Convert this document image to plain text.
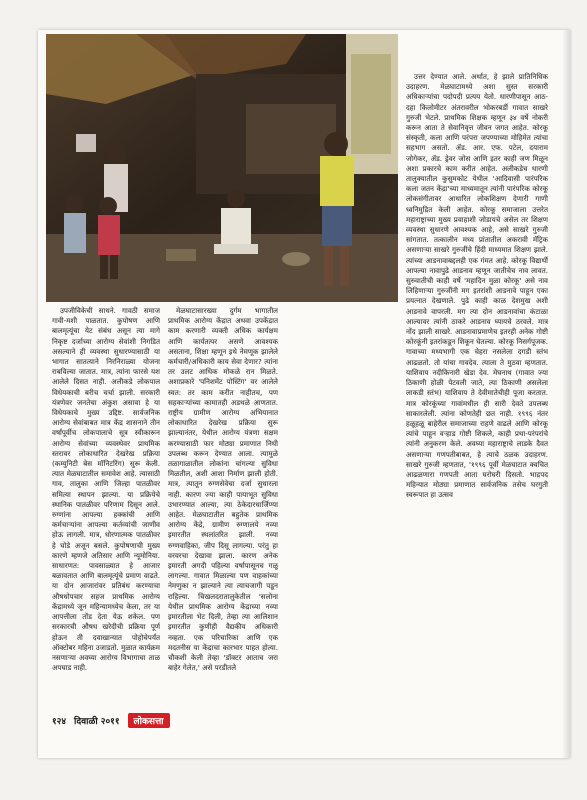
उपजीविकेची साधने. गावठी समाज गावी-मशी पाळतात. कुपोषण आणि बालमृत्यूंचा येट संबंध असून त्या मागे निकृष्ट दर्जाच्या आरोग्य सेवांशी निगडित असल्याने ही व्यवस्था सुधारण्यासाठी या भागात सातत्याने निरनिराळ्या योजना राबविल्या जातात. मात्र, त्यांना फारसे यश आलेले दिसत नाही. अलीकडे लोकपाल विधेयकाची बरीच चर्चा झाली. सरकारी यंत्रणेवर जनतेचा अंकुश असावा हे या विधेयकाचे मुख्य उद्दिष्ट. सार्वजनिक आरोग्य सेवांबाबत मात्र केंद्र शासनाने तीन वर्षांपूर्वीच लोकपालाचे सूत्र स्वीकारून आरोग्य सेवांच्या व्यवस्थेवर प्राथमिक स्तरावर लोकाधारित देखरेख प्रक्रिया (कम्युनिटी बेस मॉनिटरिंग) सुरू केली. त्यात मेळघाटातील समावेश आहे. त्यासाठी गाव, तालुका आणि जिल्हा पातळीवर समित्या स्थापन झाल्या. या प्रक्रियेचे स्थानिक पातळीवर परिणाम दिसून आले. रुग्णांना आपल्या हक्कांची आणि कर्मचाऱ्यांना आपल्या कर्तव्यांची जाणीव होऊ लागली. मात्र, धोरणात्मक पातळीवर हे घोडे अजून बसले. कुपोषणाची मुख्य कारणे म्हणजे अतिसार आणि न्यूमोनिया. साधारणत: पावसाळ्यात हे आजार बळावतात आणि बालमृत्यूंचे प्रमाण वाढते. या दोन आजारांवर प्रतिबंध करण्याचा औषधोपचार सहज प्राथमिक आरोग्य केंद्रामध्ये जून महिन्यामध्येच केला, तर या आपत्तीला तोंड देता येऊ शकेल. पण सरकारची औषध खरेदीची प्रक्रिया पूर्ण होऊन ती दवाखान्यात पोहोचेपर्यंत ऑक्टोबर महिना उजाडतो. मुळात कार्यक्रम नसणाऱ्या अवघ्या आरोग्य विभागाचा ताळ अपघाड नाही.

मेळघाटासारख्या दुर्गम भागातील प्राथमिक आरोग्य केंद्रात अथवा उपकेंद्रात काम करणारी व्यक्ती अधिक कार्यक्षम आणि कार्यतत्पर असणे आवश्यक असताना, शिक्षा म्हणून इथे नेमणूक झालेले कर्मचारी/अधिकारी काय सेवा देणार? त्यांना तर उलट आधिक मोकळे रान मिळते. अशाप्रकारे 'पनिशमेंट पोस्टिंग' वर आलेले स्वत: तर काम करीत नाहीतच, पण सहकाऱ्यांच्या कामातही अडथळे आणतात. राष्ट्रीय ग्रामीण आरोग्य अभियानात लोकाधारित देखरेख प्रक्रिया सुरू झाल्यानंतर, येथील आरोग्य यंत्रणा सक्षम करण्यासाठी फार मोठ्या प्रमाणात निधी उपलब्ध करून देण्यात आला. त्यामुळे तळागाळातील लोकांना चांगल्या सुविधा मिळतील, अशी आशा निर्माण झाली होती. मात्र, त्यातून रुग्णसेवेचा दर्जा सुधारला नाही. कारण ज्या काही पायाभूत सुविधा उभारण्यात आल्या, त्या ठेकेदारधार्जिण्या आहेत. मेळघाटातील बहुतेक प्राथमिक आरोग्य केंद्रे, ग्रामीण रुग्णालये नव्या इमारतीत स्थलांतरित झाली. नव्या रुग्णवाहिका, जीप दिसू लागल्या. परंतु हा वरवरचा देखावा झाला. कारण अनेक इमारती अगदी पहिल्या वर्षापासूनच गळू लागल्या. गावात मिळाल्या पण वाहकांच्या नेमणुका न झाल्याने त्या त्याचजागी पडून राहिल्या. चिखलदरातालुकेतील 'सलोना येथील प्राथमिक आरोग्य केंद्राच्या नव्या इमारतीला भेट दिली, तेव्हा त्या आलिशान इमारतीत कुणीही वैद्यकीय अधिकारी नव्हता. एक परिचारिका आणि एक मदतनीस या केंद्राचा कारभार पाहत होत्या. चौकशी केली तेव्हा 'डॉक्टर आताच जरा बाहेर गेलेत,' असे परडीतले

उत्तर देण्यात आले. अर्थात, हे झाले प्रातिनिधिक उदाहरण. मेळघाटामध्ये अशा सुस्त सरकारी अधिकार्‍यांचा पदोपदी प्रत्यय येतो. धारणीपासून आठ-दहा किलोमीटर अंतरावरील भोकरबर्डी गावात साखरे गुरुजी भेटले. प्राथमिक शिक्षक म्हणून ३४ वर्षे नोकरी करून आता ते सेवानिवृत्त जीवन जगत आहेत. कोरकू संस्कृती, कला आणि परंपरा जपण्याच्या मोहिमेत त्यांचा सहभाग असतो. ॲड. आर. एफ. पटेल, दयाराम जोगेकर, ॲड. ड्रेवर जोस आणि इतर काही जण मिळून अशा प्रकारचे काम करीत आहेत. अलीकडेच धारणी तालुक्यातील कुसुमकोट येथील 'आदिवासी पारंपरिक कला जतन केंद्रा'च्या माध्यमातून त्यांनी पारंपरिक कोरकू लोकसंगीतावर आधारित लोकशिक्षण देणारी गाणी ध्वनिमुद्रित केली आहेत. कोरकू समाजाला उत्तरेत महाराष्ट्राच्या मुख्य प्रवाहाशी जोडायचे असेल तर शिक्षण व्यवस्था सुधारणे आवश्यक आहे, असे साखरे गुरुजी सांगतात. तत्कालीन मध्य प्रांतातील अकरावी मॅट्रिक असणाऱ्या साखरे गुरुजींचे हिंदी माध्यमात शिक्षण झाले. त्यांच्या आडनावाबद्दलही एक गंमत आहे. कोरकू विद्यार्थी आपल्या नावापुढे आडनाव म्हणून जातीचेच नाव लावत. सुरुवातीची काही वर्षे 'महादिन मुळा कोरकू' असे नाव लिहिणाऱ्या गुरुजींनी मग इतरांशी आडनावे पाहून एका प्रयत्नात देखणाले. पुढे काही काळ देशमुख अशी आडनावे वापरली. मग त्या दोन आडनावांचा कंटाळा आल्यावर त्यांनी ठाकरे आडनाव घ्यायचे ठरवले. मात्र नोंद झाली साखरे. आडनावाप्रमाणेच इतरही अनेक गोष्टी कोरकूंनी इतरांकडून शिकून घेतल्या. कोरकू निसर्गपूजक. गावाच्या मध्यभागी एक चेहरा नसलेला दगडी स्तंभ आढळतो. तो यांचा गावदेव. त्याला ते मुठवा म्हणतात. याशिवाय नदीकिनारी खेडा देव. मेघनाथ (गावात ज्या ठिकाणी होळी पेटवली जाते, त्या ठिकाणी असलेला लाकडी स्तंभ) याशिवाय ते देवीमातेचीही पूजा करतात. मात्र कोरकूंच्या गावांमधील ही सारी देवते उपलब्ध साकारलेली. त्यांना कोणतेही छत नाही. १९९६ नंतर हळूहळू बाहेरील समाजाच्या राहणे वाढले आणि कोरकू त्यांचे पाहून वऱ्हाड गोष्टी शिकले, काही प्रथा-परंपरांचे त्यांनी अनुकरण केले. अवघ्या महाराष्ट्राचे लाडके दैवत असणाऱ्या गणपतीबाबत, हे त्याचे ठळक उदाहरण. साखरे गुरुजी म्हणतात, '१९९६ पूर्वी मेळघाटात क्वचित आढळणारा गणपती आता घरोघरी दिसतो. भाद्रपद महिन्यात मोठ्या प्रमाणात सार्वजनिक तसेच घरगुती स्वरूपात हा उत्सव

१२४ दिवाळी २०११	लोकसत्ता
